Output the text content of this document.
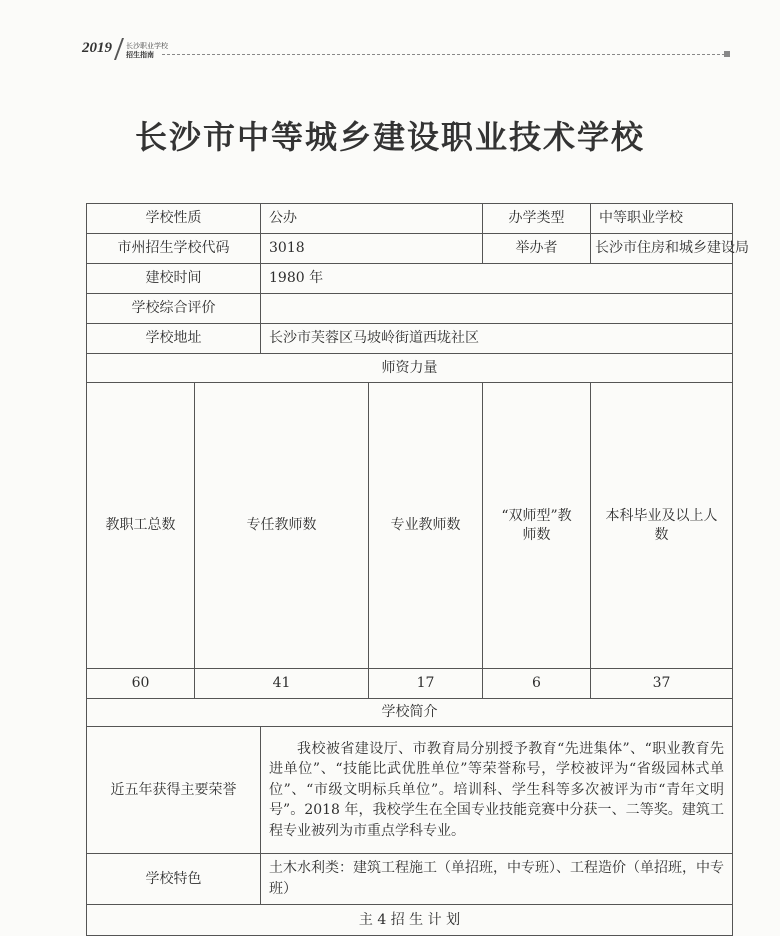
2019 长沙职业学校
招生指南
长沙市中等城乡建设职业技术学校
学校性质		公办		办学类型	中等职业学校	
市州招生学校代码		3018		举办者	长沙市住房和城乡建设局	
建校时间		1980 年				
学校综合评价						
学校地址		长沙市芙蓉区马坡岭街道西垅社区				
师资力量						
教职工总数	专任教师数		专业教师数	“双师型”教师数	本科毕业及以上人数	
60	41		17	6	37	
学校简介						
近五年获得主要荣誉		我校被省建设厅、市教育局分别授予教育“先进集体”、“职业教育先进单位”、“技能比武优胜单位”等荣誉称号，学校被评为“省级园林式单位”、“市级文明标兵单位”。培训科、学生科等多次被评为市“青年文明号”。2018 年，我校学生在全国专业技能竞赛中分获一、二等奖。建筑工程专业被列为市重点学科专业。				
学校特色		土木水利类：建筑工程施工（单招班，中专班）、工程造价（单招班，中专班）				
主 4 招 生 计 划						
